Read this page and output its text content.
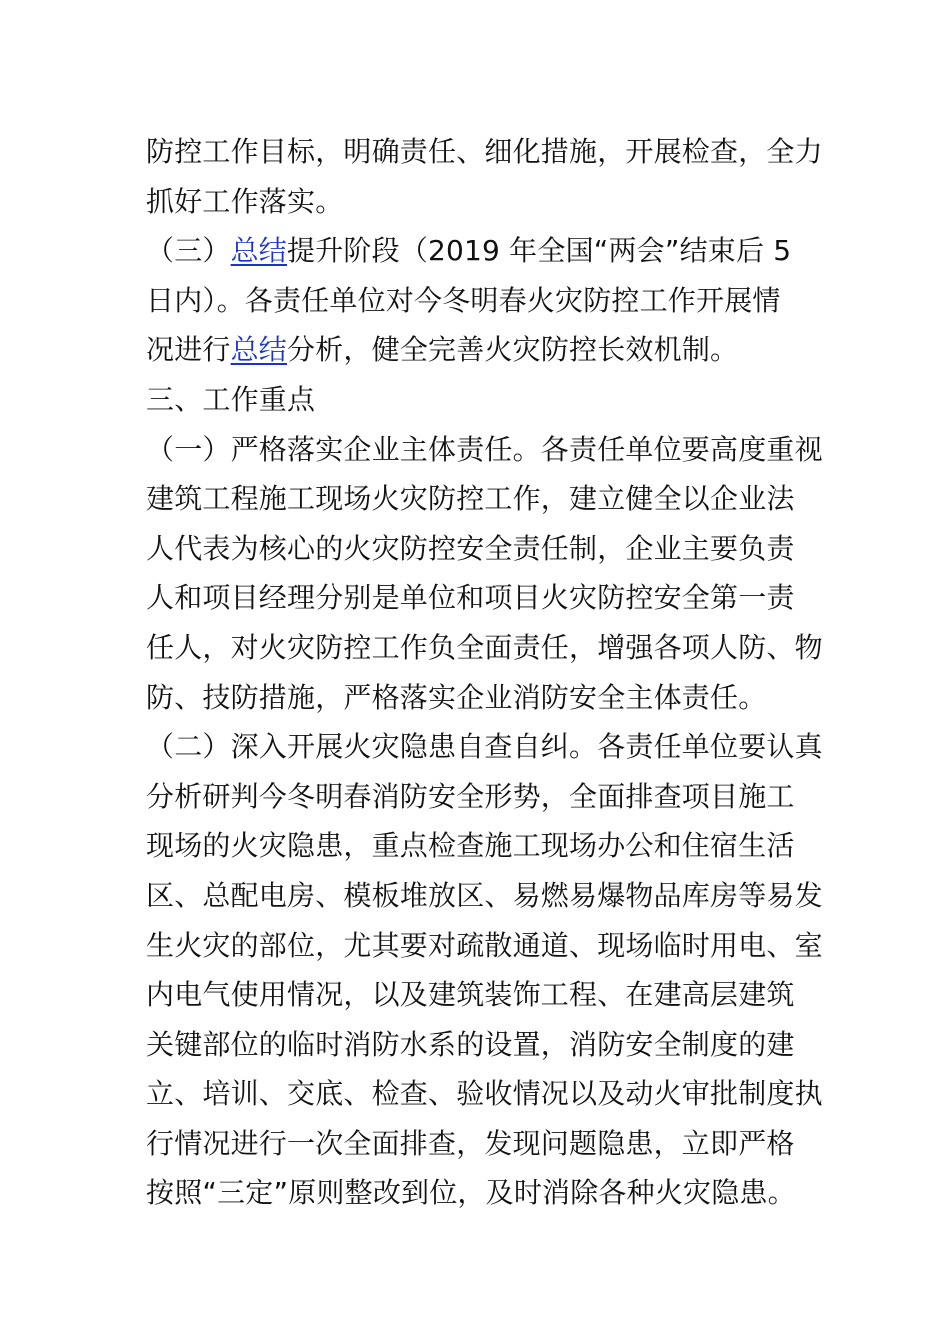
防控工作目标，明确责任、细化措施，开展检查，全力
抓好工作落实。
（三）总结提升阶段（2019 年全国“两会”结束后 5
日内）。各责任单位对今冬明春火灾防控工作开展情
况进行总结分析，健全完善火灾防控长效机制。
三、工作重点
（一）严格落实企业主体责任。各责任单位要高度重视
建筑工程施工现场火灾防控工作，建立健全以企业法
人代表为核心的火灾防控安全责任制，企业主要负责
人和项目经理分别是单位和项目火灾防控安全第一责
任人，对火灾防控工作负全面责任，增强各项人防、物
防、技防措施，严格落实企业消防安全主体责任。
（二）深入开展火灾隐患自查自纠。各责任单位要认真
分析研判今冬明春消防安全形势，全面排查项目施工
现场的火灾隐患，重点检查施工现场办公和住宿生活
区、总配电房、模板堆放区、易燃易爆物品库房等易发
生火灾的部位，尤其要对疏散通道、现场临时用电、室
内电气使用情况，以及建筑装饰工程、在建高层建筑
关键部位的临时消防水系的设置，消防安全制度的建
立、培训、交底、检查、验收情况以及动火审批制度执
行情况进行一次全面排查，发现问题隐患，立即严格
按照“三定”原则整改到位，及时消除各种火灾隐患。
